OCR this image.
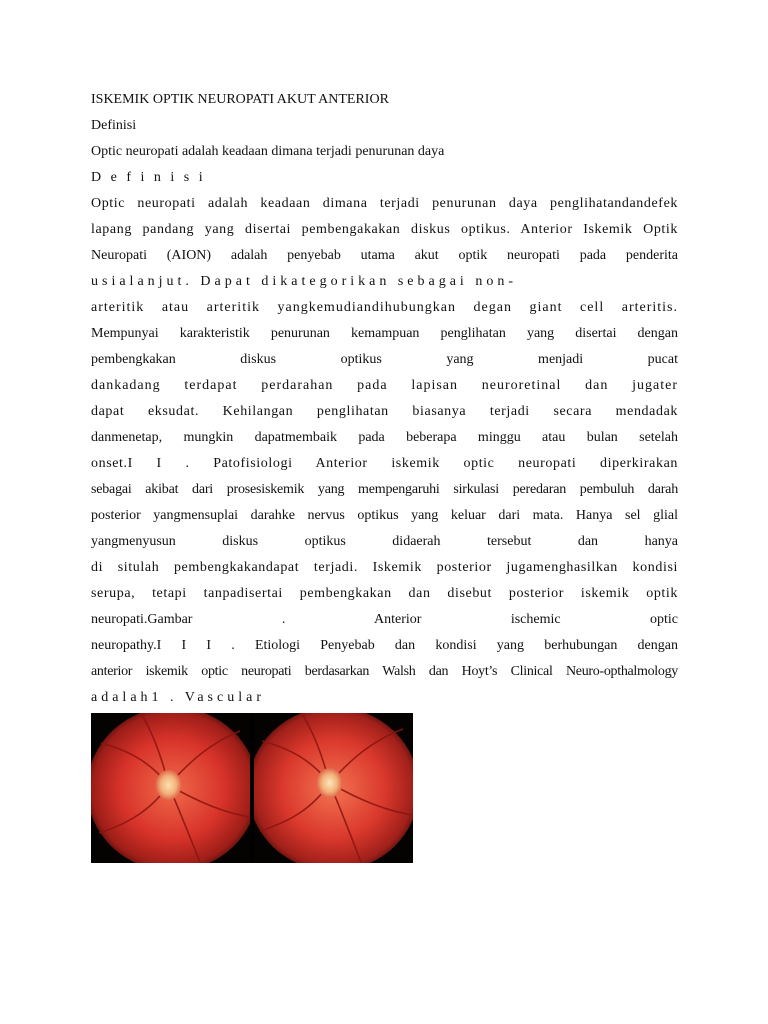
ISKEMIK OPTIK NEUROPATI AKUT ANTERIOR

Definisi

Optic neuropati adalah keadaan dimana terjadi penurunan daya

Definisi

Optic neuropati adalah keadaan dimana terjadi penurunan daya penglihatandandefek
lapang pandang yang disertai pembengakakan diskus optikus. Anterior Iskemik Optik
Neuropati (AION) adalah penyebab utama akut optik neuropati pada penderita
usialanjut. Dapat dikategorikan sebagai non-
arteritik atau arteritik yangkemudiandihubungkan degan giant cell arteritis.
Mempunyai karakteristik penurunan kemampuan penglihatan yang disertai dengan
pembengkakan diskus optikus yang menjadi pucat
dankadang terdapat perdarahan pada lapisan neuroretinal dan jugater
dapat eksudat. Kehilangan penglihatan biasanya terjadi secara mendadak
danmenetap, mungkin dapatmembaik pada beberapa minggu atau bulan setelah
onset.I I . Patofisiologi Anterior iskemik optic neuropati diperkirakan
sebagai akibat dari prosesiskemik yang mempengaruhi sirkulasi peredaran pembuluh darah
posterior yangmensuplai darahke nervus optikus yang keluar dari mata. Hanya sel glial
yangmenyusun diskus optikus didaerah tersebut dan hanya
di situlah pembengkakandapat terjadi. Iskemik posterior jugamenghasilkan kondisi
serupa, tetapi tanpadisertai pembengkakan dan disebut posterior iskemik optik
neuropati.Gambar . Anterior ischemic optic
neuropathy.I I I . Etiologi Penyebab dan kondisi yang berhubungan dengan
anterior iskemik optic neuropati berdasarkan Walsh dan Hoyt’s Clinical Neuro-opthalmology
adalah1 . Vascular
